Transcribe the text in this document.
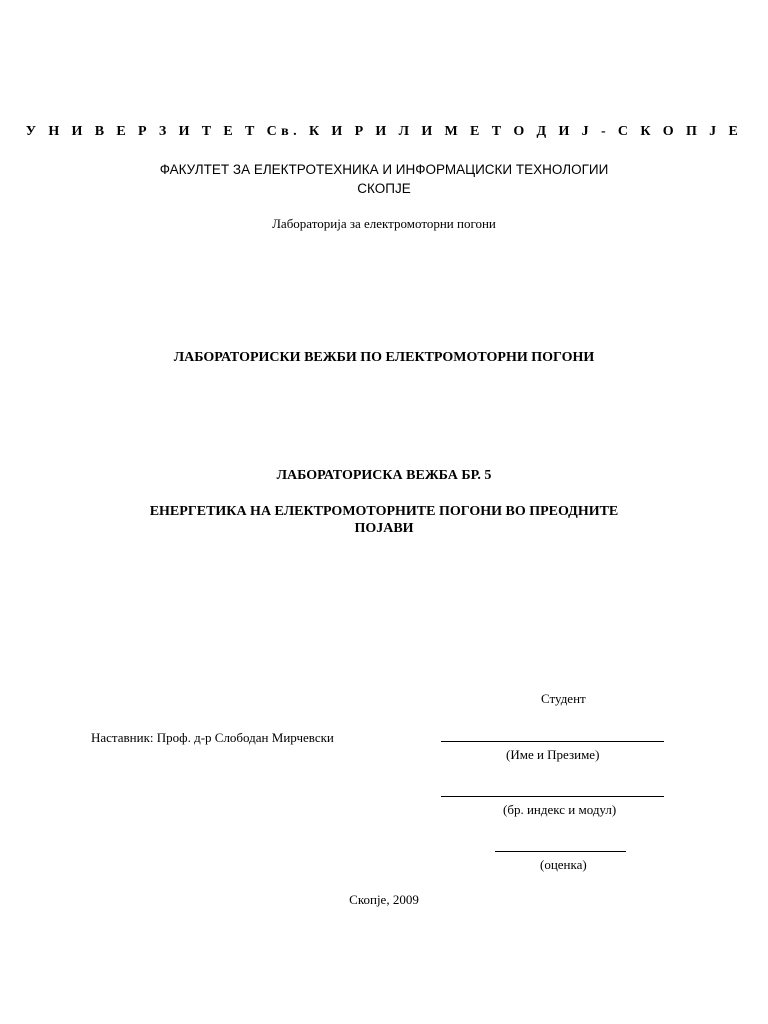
У Н И В Е Р З И Т Е Т Св. К И Р И Л И М Е Т О Д И Ј - С К О П Ј Е
ФАКУЛТЕТ ЗА ЕЛЕКТРОТЕХНИКА И ИНФОРМАЦИСКИ ТЕХНОЛОГИИ
СКОПЈЕ
Лабораторија за електромоторни погони
ЛАБОРАТОРИСКИ ВЕЖБИ ПО ЕЛЕКТРОМОТОРНИ ПОГОНИ
ЛАБОРАТОРИСКА ВЕЖБА БР. 5
ЕНЕРГЕТИКА НА ЕЛЕКТРОМОТОРНИТЕ ПОГОНИ ВО ПРЕОДНИТЕ
ПОЈАВИ
Студент
Наставник: Проф. д-р Слободан Мирчевски
(Име и Презиме)
(бр. индекс и модул)
(оценка)
Скопје, 2009
